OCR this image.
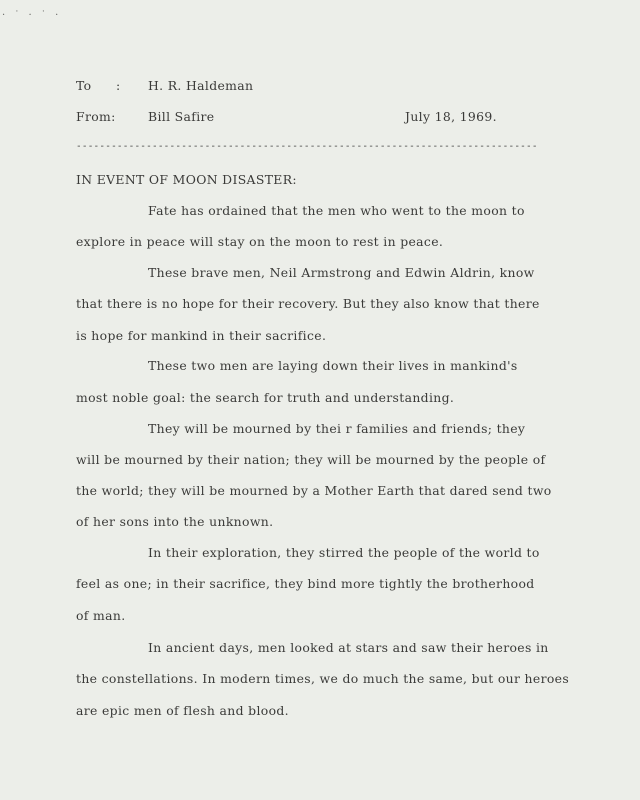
· ˙ · ˙ ·
To : H. R. Haldeman
From:	Bill Safire	July 18, 1969.
-------------------------------------------------------------------------------
IN EVENT OF MOON DISASTER:
Fate has ordained that the men who went to the moon to
explore in peace will stay on the moon to rest in peace.
These brave men, Neil Armstrong and Edwin Aldrin, know
that there is no hope for their recovery. But they also know that there
is hope for mankind in their sacrifice.
These two men are laying down their lives in mankind's
most noble goal: the search for truth and understanding.
They will be mourned by thei r families and friends; they
will be mourned by their nation; they will be mourned by the people of
the world; they will be mourned by a Mother Earth that dared send two
of her sons into the unknown.
In their exploration, they stirred the people of the world to
feel as one; in their sacrifice, they bind more tightly the brotherhood
of man.
In ancient days, men looked at stars and saw their heroes in
the constellations. In modern times, we do much the same, but our heroes
are epic men of flesh and blood.
